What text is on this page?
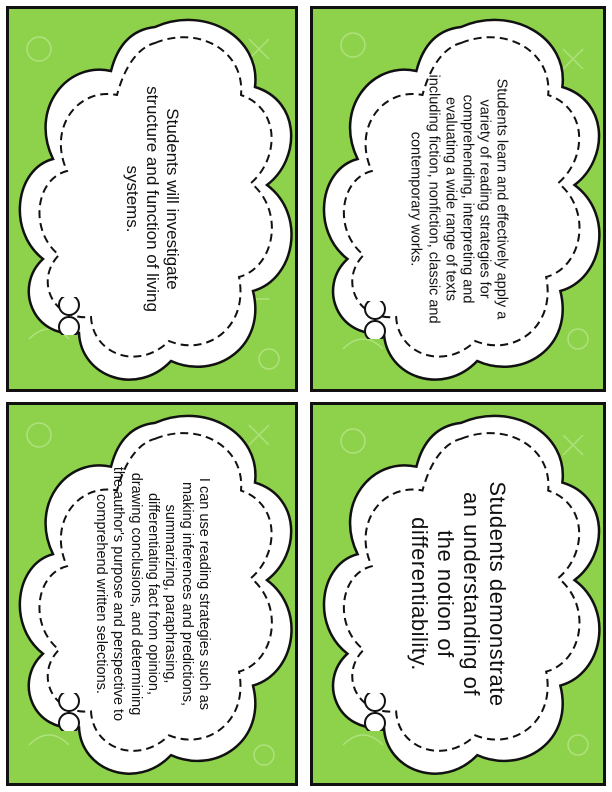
Students will investigate structure and function of living systems.	Students learn and effectively apply a variety of reading strategies for comprehending, interpreting and evaluating a wide range of texts including fiction, nonfiction, classic and contemporary works.
I can use reading strategies such as making inferences and predictions, summarizing, paraphrasing, differentiating fact from opinion, drawing conclusions, and determining the author's purpose and perspective to comprehend written selections.	Students demonstrate an understanding of the notion of differentiability.
